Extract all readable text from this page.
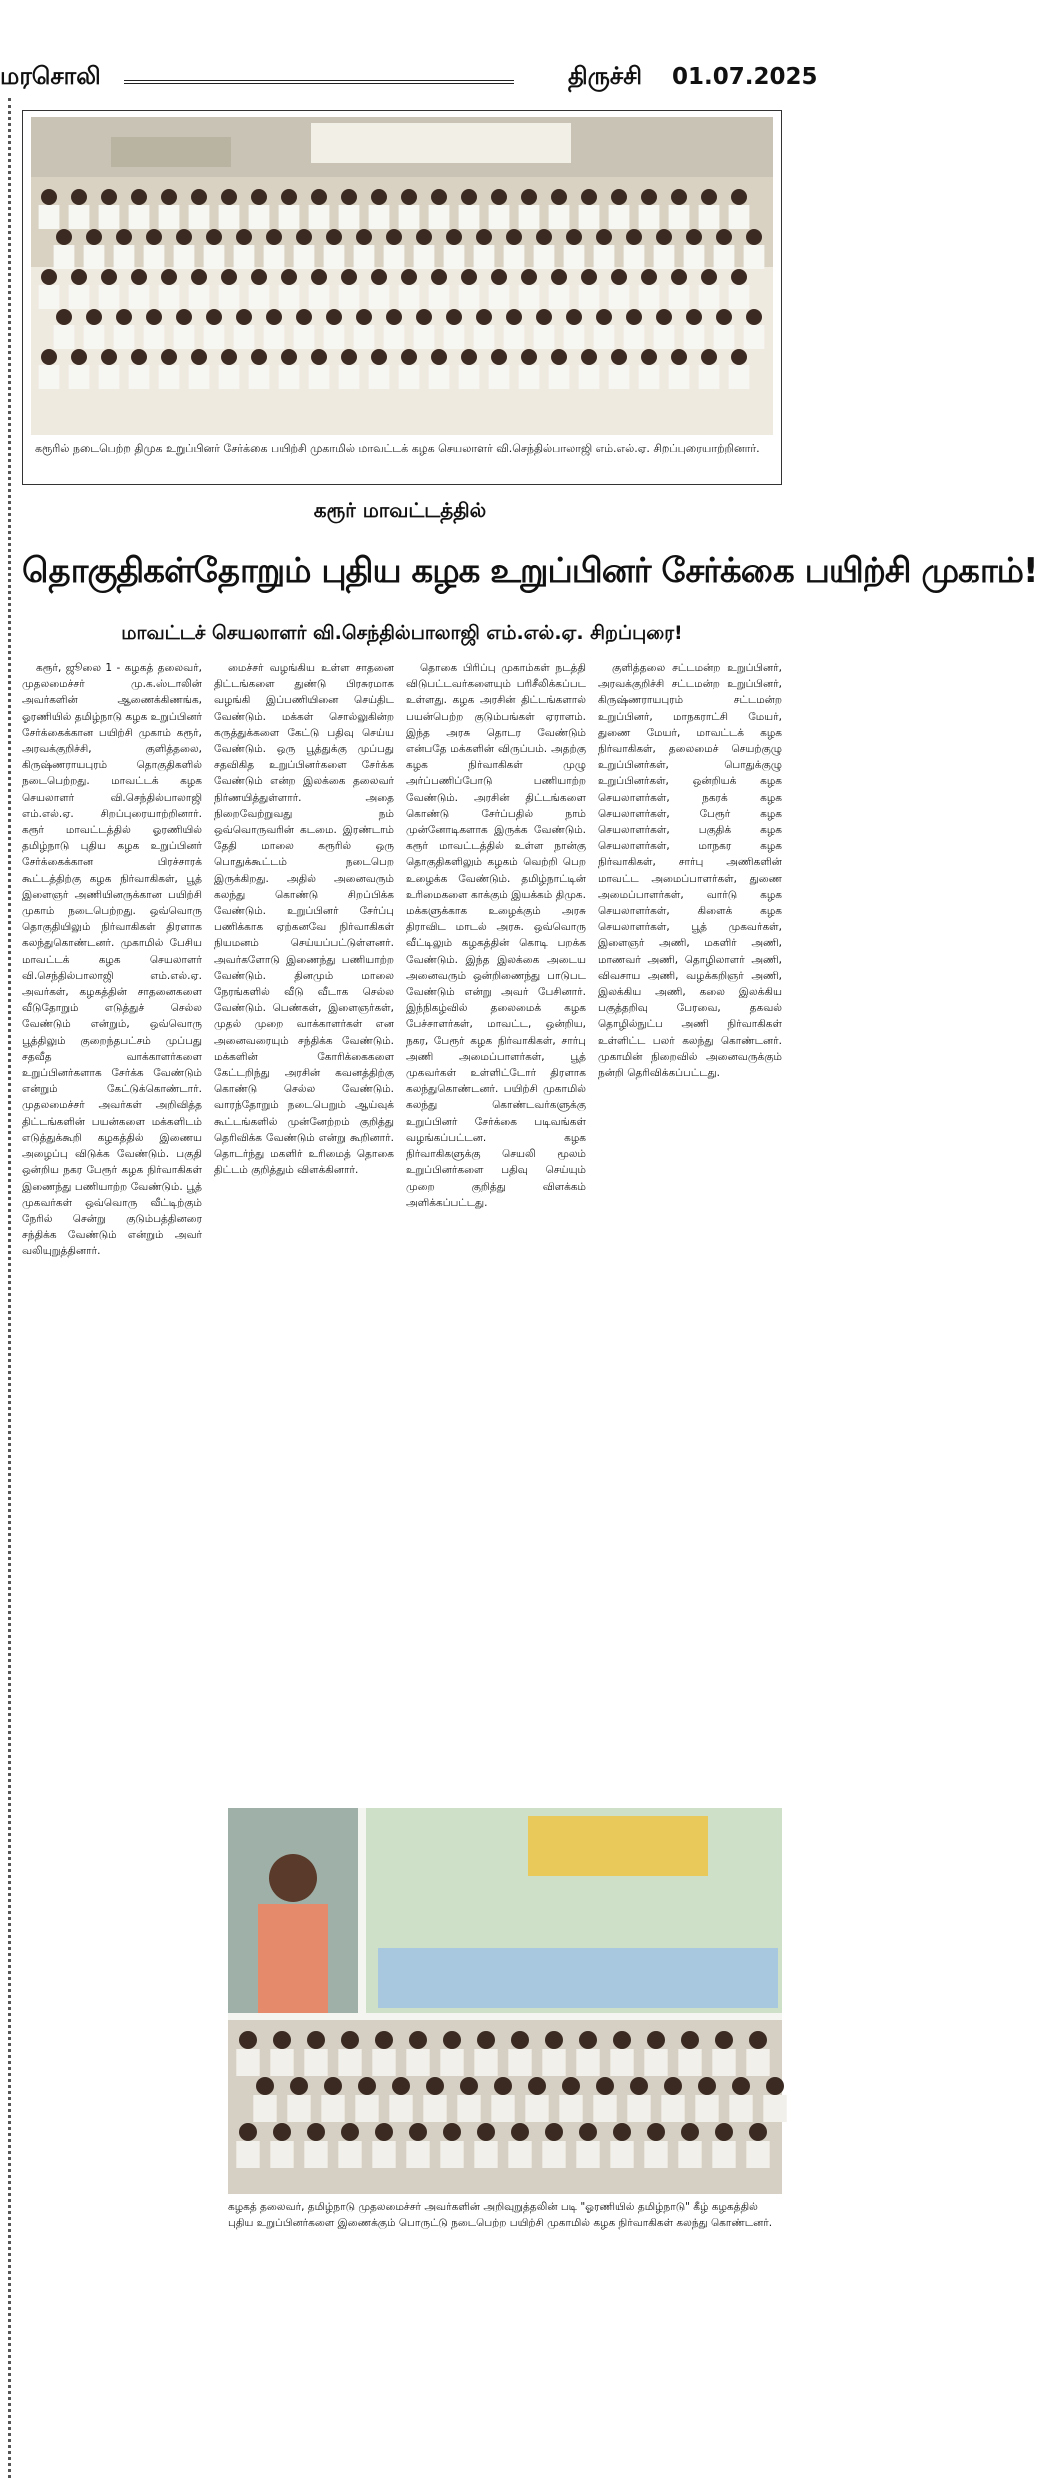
மரசொலி	திருச்சி 01.07.2025
கரூரில் நடைபெற்ற திமுக உறுப்பினர் சேர்க்கை பயிற்சி முகாமில் மாவட்டக் கழக செயலாளர் வி.செந்தில்பாலாஜி எம்.எல்.ஏ. சிறப்புரையாற்றினார்.
கரூர் மாவட்டத்தில்
தொகுதிகள்தோறும் புதிய கழக உறுப்பினர் சேர்க்கை பயிற்சி முகாம்!
மாவட்டச் செயலாளர் வி.செந்தில்பாலாஜி எம்.எல்.ஏ. சிறப்புரை!

கரூர், ஜூலை 1 - கழகத் தலைவர், முதலமைச்சர் மு.க.ஸ்டாலின் அவர்களின் ஆணைக்கிணங்க, ஓரணியில் தமிழ்நாடு கழக உறுப்பினர் சேர்க்கைக்கான பயிற்சி முகாம் கரூர், அரவக்குறிச்சி, குளித்தலை, கிருஷ்ணராயபுரம் தொகுதிகளில் நடைபெற்றது. மாவட்டக் கழக செயலாளர் வி.செந்தில்பாலாஜி எம்.எல்.ஏ. சிறப்புரையாற்றினார். கரூர் மாவட்டத்தில் ஓரணியில் தமிழ்நாடு புதிய கழக உறுப்பினர் சேர்க்கைக்கான பிரச்சாரக் கூட்டத்திற்கு கழக நிர்வாகிகள், பூத் இளைஞர் அணியினருக்கான பயிற்சி முகாம் நடைபெற்றது. ஒவ்வொரு தொகுதியிலும் நிர்வாகிகள் திரளாக கலந்துகொண்டனர். முகாமில் பேசிய மாவட்டக் கழக செயலாளர் வி.செந்தில்பாலாஜி எம்.எல்.ஏ. அவர்கள், கழகத்தின் சாதனைகளை வீடுதோறும் எடுத்துச் செல்ல வேண்டும் என்றும், ஒவ்வொரு பூத்திலும் குறைந்தபட்சம் முப்பது சதவீத வாக்காளர்களை உறுப்பினர்களாக சேர்க்க வேண்டும் என்றும் கேட்டுக்கொண்டார். முதலமைச்சர் அவர்கள் அறிவித்த திட்டங்களின் பயன்களை மக்களிடம் எடுத்துக்கூறி கழகத்தில் இணைய அழைப்பு விடுக்க வேண்டும். பகுதி ஒன்றிய நகர பேரூர் கழக நிர்வாகிகள் இணைந்து பணியாற்ற வேண்டும். பூத் முகவர்கள் ஒவ்வொரு வீட்டிற்கும் நேரில் சென்று குடும்பத்தினரை சந்திக்க வேண்டும் என்றும் அவர் வலியுறுத்தினார்.

மைச்சர் வழங்கிய உள்ள சாதனை திட்டங்களை துண்டு பிரசுரமாக வழங்கி இப்பணியினை செய்திட வேண்டும். மக்கள் சொல்லுகின்ற கருத்துக்களை கேட்டு பதிவு செய்ய வேண்டும். ஒரு பூத்துக்கு முப்பது சதவிகித உறுப்பினர்களை சேர்க்க வேண்டும் என்ற இலக்கை தலைவர் நிர்ணயித்துள்ளார். அதை நிறைவேற்றுவது நம் ஒவ்வொருவரின் கடமை. இரண்டாம் தேதி மாலை கரூரில் ஒரு பொதுக்கூட்டம் நடைபெற இருக்கிறது. அதில் அனைவரும் கலந்து கொண்டு சிறப்பிக்க வேண்டும். உறுப்பினர் சேர்ப்பு பணிக்காக ஏற்கனவே நிர்வாகிகள் நியமனம் செய்யப்பட்டுள்ளனர். அவர்களோடு இணைந்து பணியாற்ற வேண்டும். தினமும் மாலை நேரங்களில் வீடு வீடாக செல்ல வேண்டும். பெண்கள், இளைஞர்கள், முதல் முறை வாக்காளர்கள் என அனைவரையும் சந்திக்க வேண்டும். மக்களின் கோரிக்கைகளை கேட்டறிந்து அரசின் கவனத்திற்கு கொண்டு செல்ல வேண்டும். வாரந்தோறும் நடைபெறும் ஆய்வுக் கூட்டங்களில் முன்னேற்றம் குறித்து தெரிவிக்க வேண்டும் என்று கூறினார். தொடர்ந்து மகளிர் உரிமைத் தொகை திட்டம் குறித்தும் விளக்கினார்.

தொகை பிரிப்பு முகாம்கள் நடத்தி விடுபட்டவர்களையும் பரிசீலிக்கப்பட உள்ளது. கழக அரசின் திட்டங்களால் பயன்பெற்ற குடும்பங்கள் ஏராளம். இந்த அரசு தொடர வேண்டும் என்பதே மக்களின் விருப்பம். அதற்கு கழக நிர்வாகிகள் முழு அர்ப்பணிப்போடு பணியாற்ற வேண்டும். அரசின் திட்டங்களை கொண்டு சேர்ப்பதில் நாம் முன்னோடிகளாக இருக்க வேண்டும். கரூர் மாவட்டத்தில் உள்ள நான்கு தொகுதிகளிலும் கழகம் வெற்றி பெற உழைக்க வேண்டும். தமிழ்நாட்டின் உரிமைகளை காக்கும் இயக்கம் திமுக. மக்களுக்காக உழைக்கும் அரசு திராவிட மாடல் அரசு. ஒவ்வொரு வீட்டிலும் கழகத்தின் கொடி பறக்க வேண்டும். இந்த இலக்கை அடைய அனைவரும் ஒன்றிணைந்து பாடுபட வேண்டும் என்று அவர் பேசினார். இந்நிகழ்வில் தலைமைக் கழக பேச்சாளர்கள், மாவட்ட, ஒன்றிய, நகர, பேரூர் கழக நிர்வாகிகள், சார்பு அணி அமைப்பாளர்கள், பூத் முகவர்கள் உள்ளிட்டோர் திரளாக கலந்துகொண்டனர். பயிற்சி முகாமில் கலந்து கொண்டவர்களுக்கு உறுப்பினர் சேர்க்கை படிவங்கள் வழங்கப்பட்டன. கழக நிர்வாகிகளுக்கு செயலி மூலம் உறுப்பினர்களை பதிவு செய்யும் முறை குறித்து விளக்கம் அளிக்கப்பட்டது.

குளித்தலை சட்டமன்ற உறுப்பினர், அரவக்குறிச்சி சட்டமன்ற உறுப்பினர், கிருஷ்ணராயபுரம் சட்டமன்ற உறுப்பினர், மாநகராட்சி மேயர், துணை மேயர், மாவட்டக் கழக நிர்வாகிகள், தலைமைச் செயற்குழு உறுப்பினர்கள், பொதுக்குழு உறுப்பினர்கள், ஒன்றியக் கழக செயலாளர்கள், நகரக் கழக செயலாளர்கள், பேரூர் கழக செயலாளர்கள், பகுதிக் கழக செயலாளர்கள், மாநகர கழக நிர்வாகிகள், சார்பு அணிகளின் மாவட்ட அமைப்பாளர்கள், துணை அமைப்பாளர்கள், வார்டு கழக செயலாளர்கள், கிளைக் கழக செயலாளர்கள், பூத் முகவர்கள், இளைஞர் அணி, மகளிர் அணி, மாணவர் அணி, தொழிலாளர் அணி, விவசாய அணி, வழக்கறிஞர் அணி, இலக்கிய அணி, கலை இலக்கிய பகுத்தறிவு பேரவை, தகவல் தொழில்நுட்ப அணி நிர்வாகிகள் உள்ளிட்ட பலர் கலந்து கொண்டனர். முகாமின் நிறைவில் அனைவருக்கும் நன்றி தெரிவிக்கப்பட்டது.

கழகத் தலைவர், தமிழ்நாடு முதலமைச்சர் அவர்களின் அறிவுறுத்தலின் படி "ஓரணியில் தமிழ்நாடு" கீழ் கழகத்தில் புதிய உறுப்பினர்களை இணைக்கும் பொருட்டு நடைபெற்ற பயிற்சி முகாமில் கழக நிர்வாகிகள் கலந்து கொண்டனர்.
